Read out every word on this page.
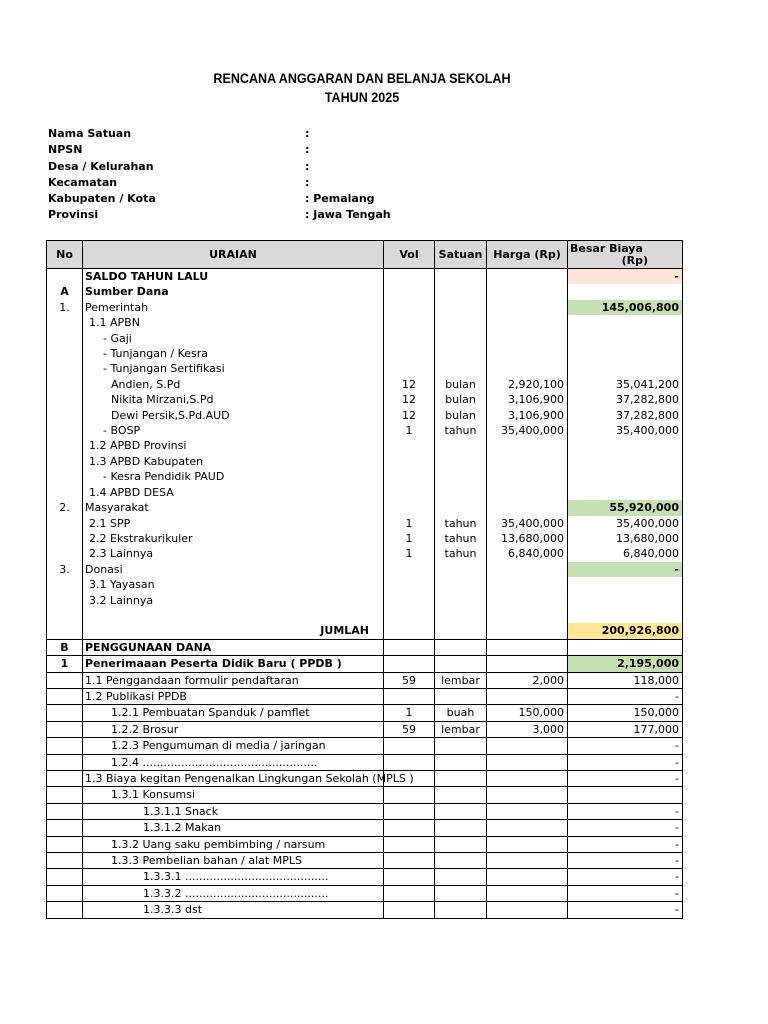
RENCANA ANGGARAN DAN BELANJA SEKOLAH
TAHUN 2025
Nama Satuan	:
NPSN	:
Desa / Kelurahan	:
Kecamatan	:
Kabupaten / Kota	: Pemalang
Provinsi	: Jawa Tengah
No	URAIAN	Vol	Satuan	Harga (Rp)	Besar Biaya
(Rp)

	SALDO TAHUN LALU				-
A	Sumber Dana				
1.	Pemerintah				145,006,800
	1.1 APBN				
	- Gaji				
	- Tunjangan / Kesra				
	- Tunjangan Sertifikasi				
	Andien, S.Pd	12	bulan	2,920,100	35,041,200
	Nikita Mirzani,S.Pd	12	bulan	3,106,900	37,282,800
	Dewi Persik,S.Pd.AUD	12	bulan	3,106,900	37,282,800
	- BOSP	1	tahun	35,400,000	35,400,000
	1.2 APBD Provinsi				
	1.3 APBD Kabupaten				
	- Kesra Pendidik PAUD				
	1.4 APBD DESA				
2.	Masyarakat				55,920,000
	2.1 SPP	1	tahun	35,400,000	35,400,000
	2.2 Ekstrakurikuler	1	tahun	13,680,000	13,680,000
	2.3 Lainnya	1	tahun	6,840,000	6,840,000
3.	Donasi				-
	3.1 Yayasan				
	3.2 Lainnya				

	JUMLAH				200,926,800
B	PENGGUNAAN DANA				
1	Penerimaaan Peserta Didik Baru ( PPDB )				2,195,000
	1.1 Penggandaan formulir pendaftaran	59	lembar	2,000	118,000
	1.2 Publikasi PPDB				-
	1.2.1 Pembuatan Spanduk / pamflet	1	buah	150,000	150,000
	1.2.2 Brosur	59	lembar	3,000	177,000
	1.2.3 Pengumuman di media / jaringan				-
	1.2.4 ..................................................				-
	1.3 Biaya kegitan Pengenalkan Lingkungan Sekolah (MPLS )				-
	1.3.1 Konsumsi				
	1.3.1.1 Snack				-
	1.3.1.2 Makan				-
	1.3.2 Uang saku pembimbing / narsum				-
	1.3.3 Pembelian bahan / alat MPLS				-
	1.3.3.1 .........................................				-
	1.3.3.2 .........................................				-
	1.3.3.3 dst				-
